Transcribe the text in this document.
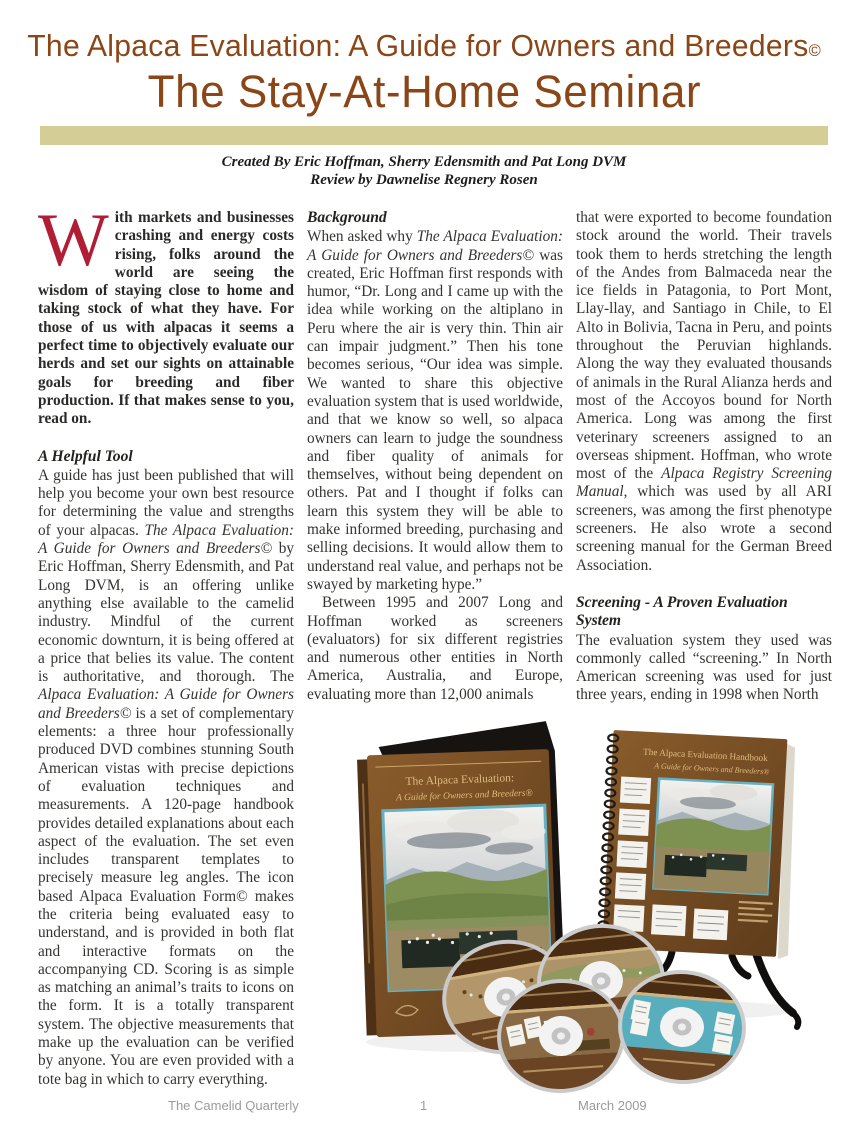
The Alpaca Evaluation: A Guide for Owners and Breeders©
The Stay-At-Home Seminar
Created By Eric Hoffman, Sherry Edensmith and Pat Long DVM
Review by Dawnelise Regnery Rosen

With markets and businesses crashing and energy costs rising, folks around the world are seeing the wisdom of staying close to home and taking stock of what they have. For those of us with alpacas it seems a perfect time to objectively evaluate our herds and set our sights on attainable goals for breeding and fiber production. If that makes sense to you, read on.

A Helpful Tool

A guide has just been published that will help you become your own best resource for determining the value and strengths of your alpacas. The Alpaca Evaluation: A Guide for Owners and Breeders© by Eric Hoffman, Sherry Edensmith, and Pat Long DVM, is an offering unlike anything else available to the camelid industry. Mindful of the current economic downturn, it is being offered at a price that belies its value. The content is authoritative, and thorough. The Alpaca Evaluation: A Guide for Owners and Breeders© is a set of complementary elements: a three hour professionally produced DVD combines stunning South American vistas with precise depictions of evaluation techniques and measurements. A 120-page handbook provides detailed explanations about each aspect of the evaluation. The set even includes transparent templates to precisely measure leg angles. The icon based Alpaca Evaluation Form© makes the criteria being evaluated easy to understand, and is provided in both flat and interactive formats on the accompanying CD. Scoring is as simple as matching an animal’s traits to icons on the form. It is a totally transparent system. The objective measurements that make up the evaluation can be verified by anyone. You are even provided with a tote bag in which to carry everything.

Background

When asked why The Alpaca Evaluation: A Guide for Owners and Breeders© was created, Eric Hoffman first responds with humor, “Dr. Long and I came up with the idea while working on the altiplano in Peru where the air is very thin. Thin air can impair judgment.” Then his tone becomes serious, “Our idea was simple. We wanted to share this objective evaluation system that is used worldwide, and that we know so well, so alpaca owners can learn to judge the soundness and fiber quality of animals for themselves, without being dependent on others. Pat and I thought if folks can learn this system they will be able to make informed breeding, purchasing and selling decisions. It would allow them to understand real value, and perhaps not be swayed by marketing hype.”

Between 1995 and 2007 Long and Hoffman worked as screeners (evaluators) for six different registries and numerous other entities in North America, Australia, and Europe, evaluating more than 12,000 animals

that were exported to become foundation stock around the world. Their travels took them to herds stretching the length of the Andes from Balmaceda near the ice fields in Patagonia, to Port Mont, Llay-llay, and Santiago in Chile, to El Alto in Bolivia, Tacna in Peru, and points throughout the Peruvian highlands. Along the way they evaluated thousands of animals in the Rural Alianza herds and most of the Accoyos bound for North America. Long was among the first veterinary screeners assigned to an overseas shipment. Hoffman, who wrote most of the Alpaca Registry Screening Manual, which was used by all ARI screeners, was among the first phenotype screeners. He also wrote a second screening manual for the German Breed Association.

Screening - A Proven Evaluation System

The evaluation system they used was commonly called “screening.” In North American screening was used for just three years, ending in 1998 when North

The Alpaca Evaluation:
A Guide for Owners and Breeders®
The Alpaca Evaluation Handbook
A Guide for Owners and Breeders®
The Camelid Quarterly	1	March 2009
